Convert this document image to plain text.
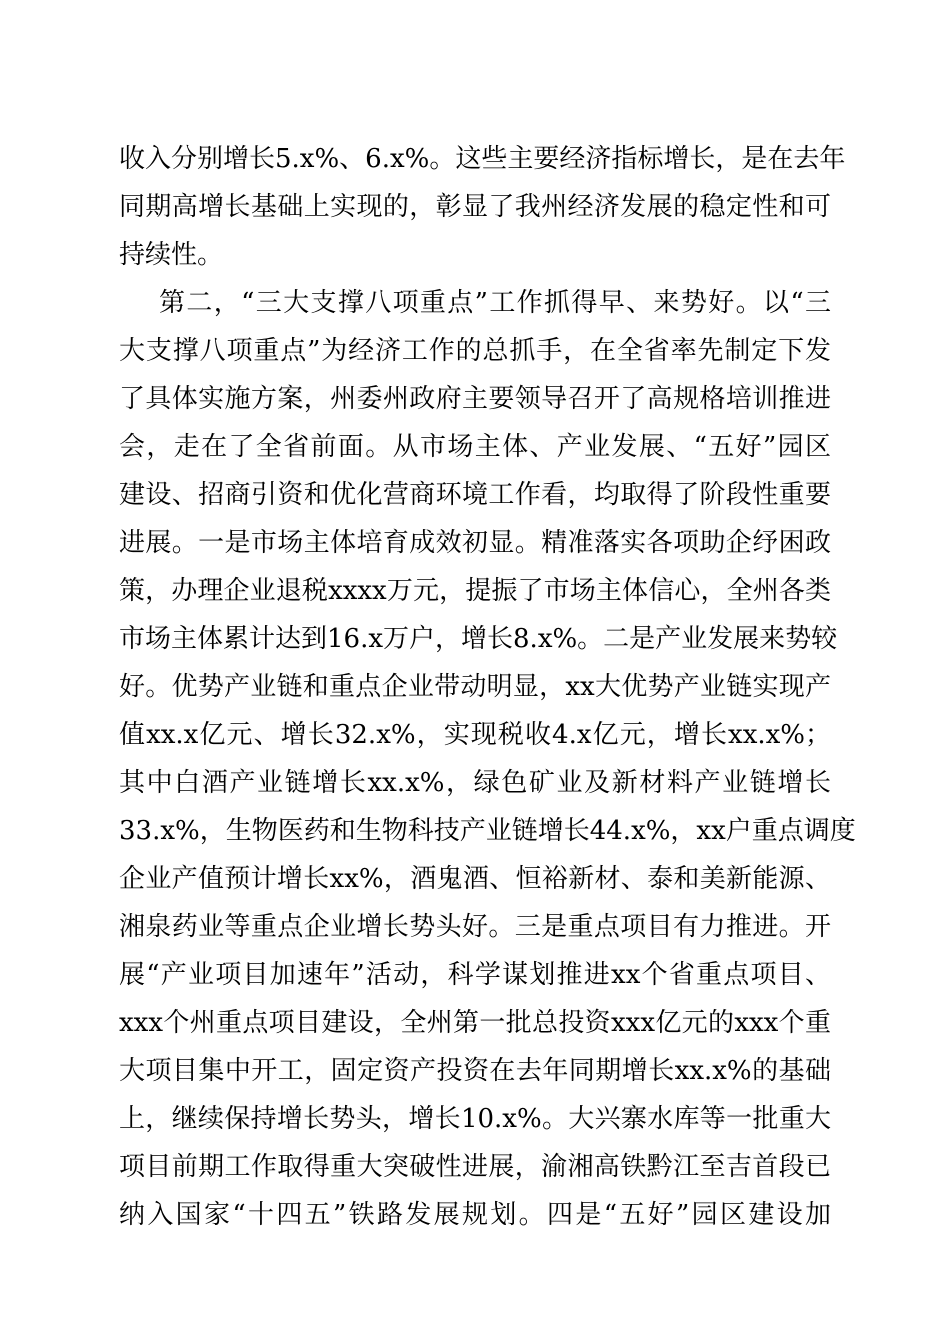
收入分别增长5.x%、6.x%。这些主要经济指标增长，是在去年
同期高增长基础上实现的，彰显了我州经济发展的稳定性和可
持续性。
第二，“三大支撑八项重点”工作抓得早、来势好。以“三
大支撑八项重点”为经济工作的总抓手，在全省率先制定下发
了具体实施方案，州委州政府主要领导召开了高规格培训推进
会，走在了全省前面。从市场主体、产业发展、“五好”园区
建设、招商引资和优化营商环境工作看，均取得了阶段性重要
进展。一是市场主体培育成效初显。精准落实各项助企纾困政
策，办理企业退税xxxx万元，提振了市场主体信心，全州各类
市场主体累计达到16.x万户，增长8.x%。二是产业发展来势较
好。优势产业链和重点企业带动明显，xx大优势产业链实现产
值xx.x亿元、增长32.x%，实现税收4.x亿元，增长xx.x%；
其中白酒产业链增长xx.x%，绿色矿业及新材料产业链增长
33.x%，生物医药和生物科技产业链增长44.x%，xx户重点调度
企业产值预计增长xx%，酒鬼酒、恒裕新材、泰和美新能源、
湘泉药业等重点企业增长势头好。三是重点项目有力推进。开
展“产业项目加速年”活动，科学谋划推进xx个省重点项目、
xxx个州重点项目建设，全州第一批总投资xxx亿元的xxx个重
大项目集中开工，固定资产投资在去年同期增长xx.x%的基础
上，继续保持增长势头，增长10.x%。大兴寨水库等一批重大
项目前期工作取得重大突破性进展，渝湘高铁黔江至吉首段已
纳入国家“十四五”铁路发展规划。四是“五好”园区建设加
